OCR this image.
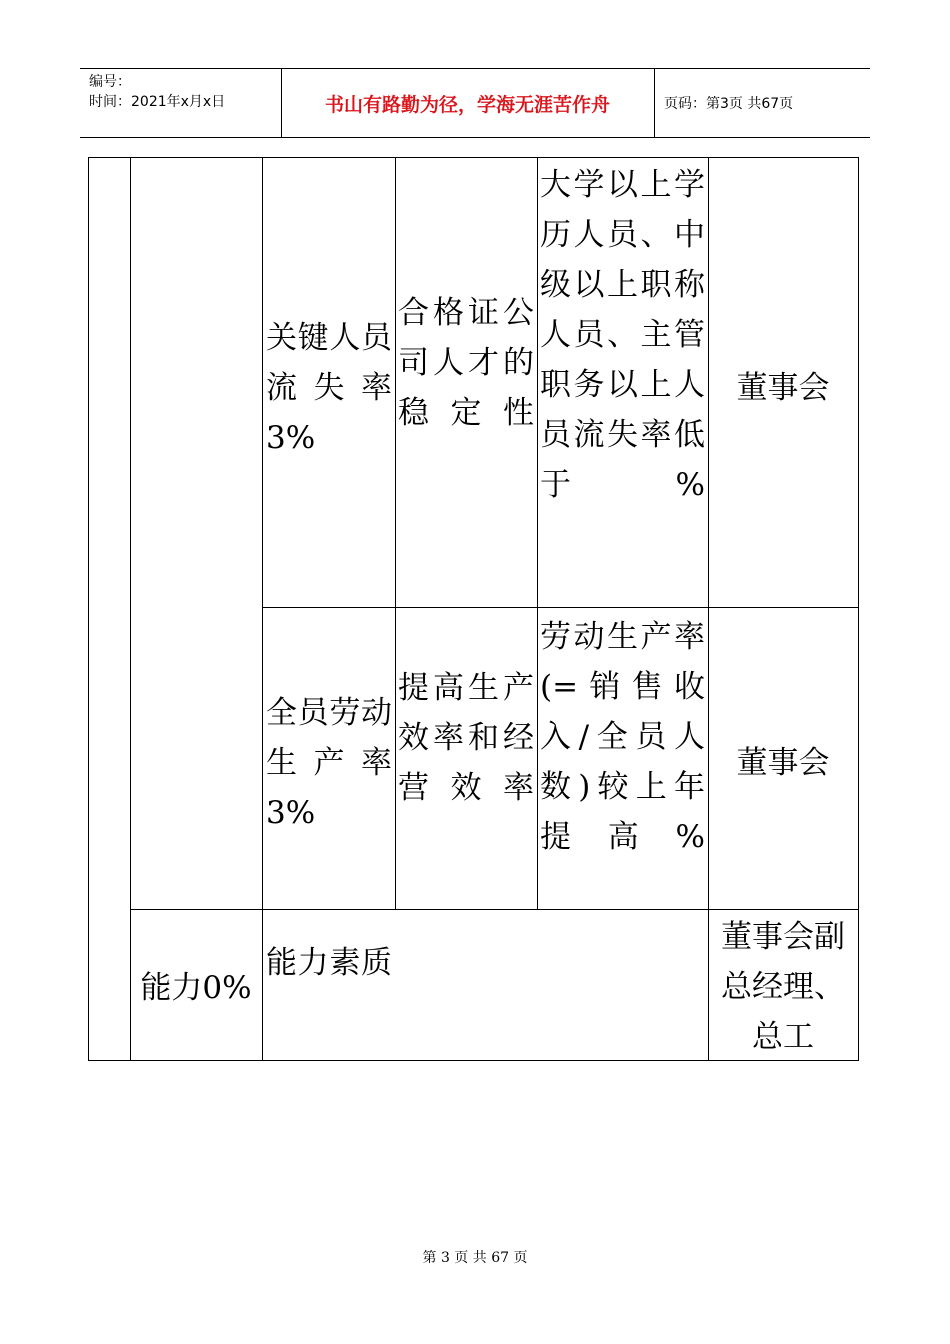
编号：
时间：2021年x月x日	书山有路勤为径，学海无涯苦作舟	页码：第3页 共67页
关键人员流失率3%
合格证公司人才的稳定性
大学以上学历人员、中级以上职称人员、主管职务以上人员流失率低于%
董事会
全员劳动生产率3%
提高生产效率和经营效率
劳动生产率(=销售收入/全员人数)较上年提高%
董事会
能力0%
能力素质
董事会副总经理、总工
第 3 页 共 67 页
